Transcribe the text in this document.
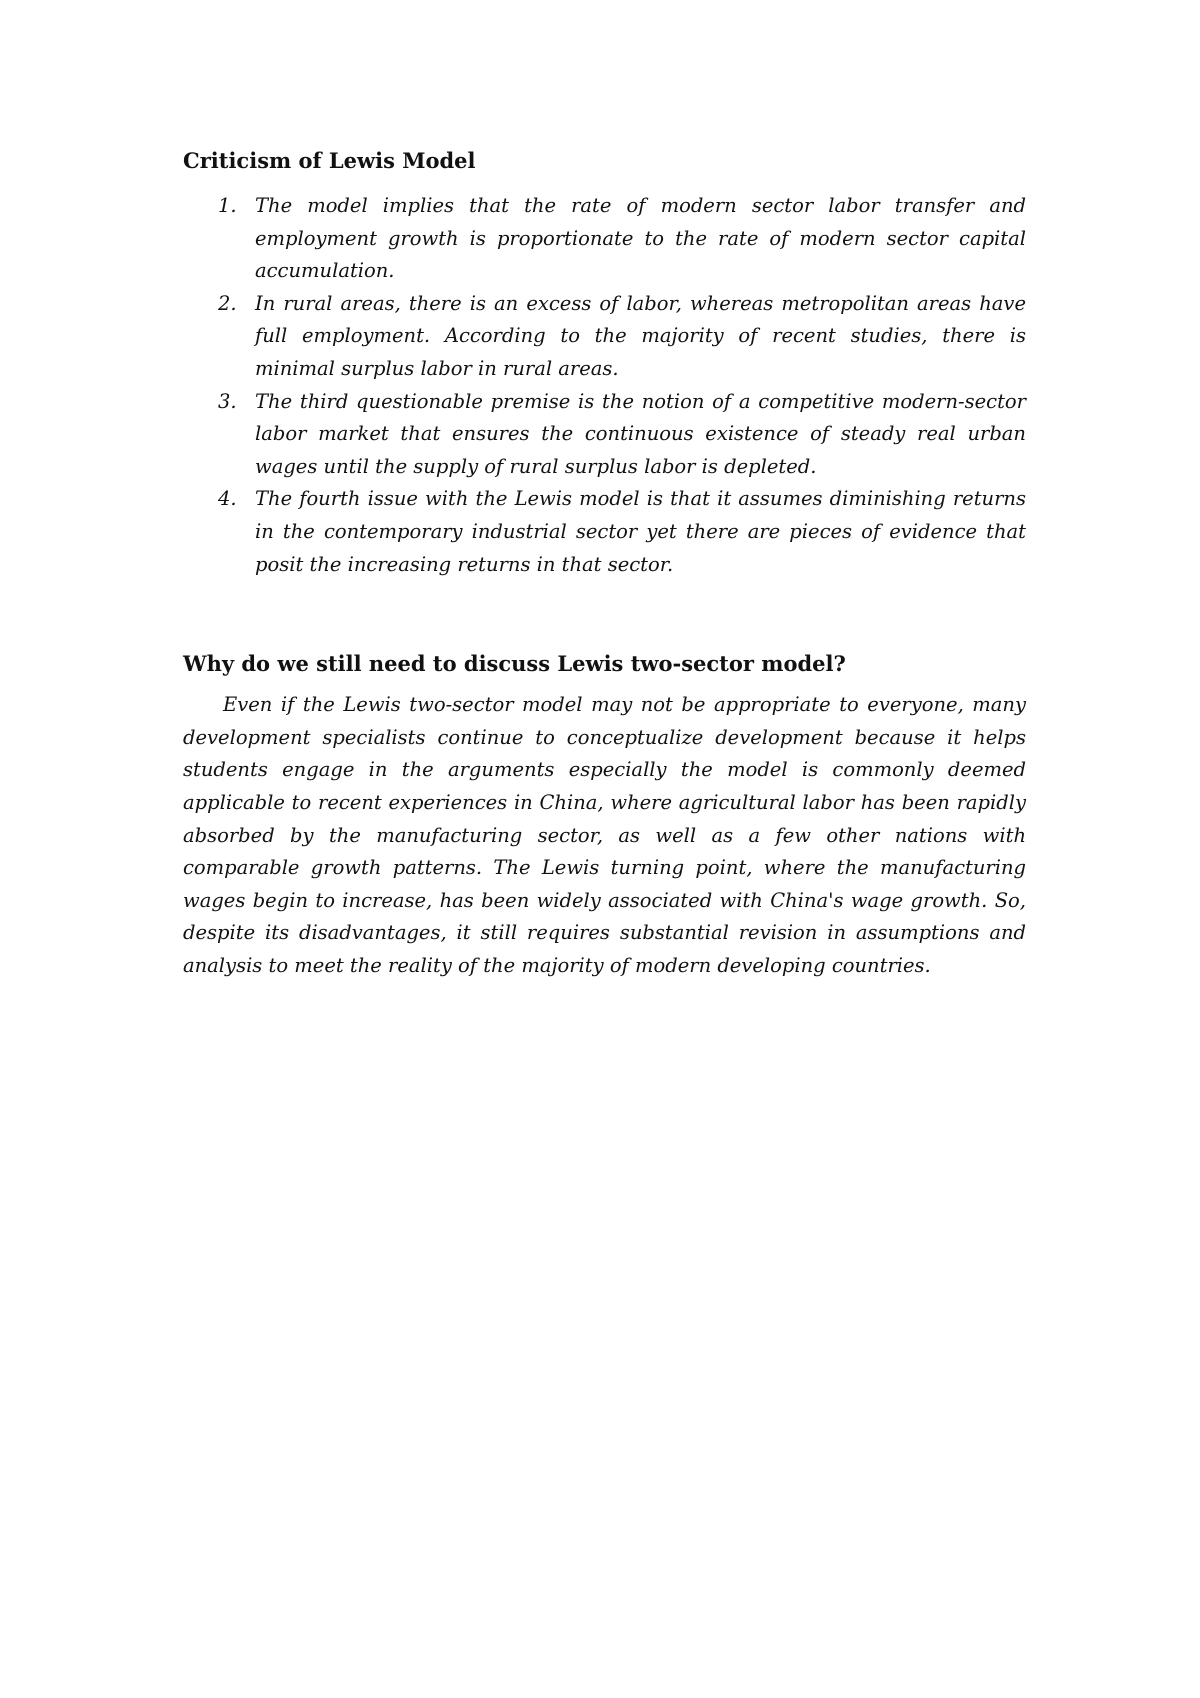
Criticism of Lewis Model
1. The model implies that the rate of modern sector labor transfer and employment growth is proportionate to the rate of modern sector capital accumulation.
2. In rural areas, there is an excess of labor, whereas metropolitan areas have full employment. According to the majority of recent studies, there is minimal surplus labor in rural areas.
3. The third questionable premise is the notion of a competitive modern-sector labor market that ensures the continuous existence of steady real urban wages until the supply of rural surplus labor is depleted.
4. The fourth issue with the Lewis model is that it assumes diminishing returns in the contemporary industrial sector yet there are pieces of evidence that posit the increasing returns in that sector.
Why do we still need to discuss Lewis two-sector model?

Even if the Lewis two-sector model may not be appropriate to everyone, many development specialists continue to conceptualize development because it helps students engage in the arguments especially the model is commonly deemed applicable to recent experiences in China, where agricultural labor has been rapidly absorbed by the manufacturing sector, as well as a few other nations with comparable growth patterns. The Lewis turning point, where the manufacturing wages begin to increase, has been widely associated with China's wage growth. So, despite its disadvantages, it still requires substantial revision in assumptions and analysis to meet the reality of the majority of modern developing countries.
